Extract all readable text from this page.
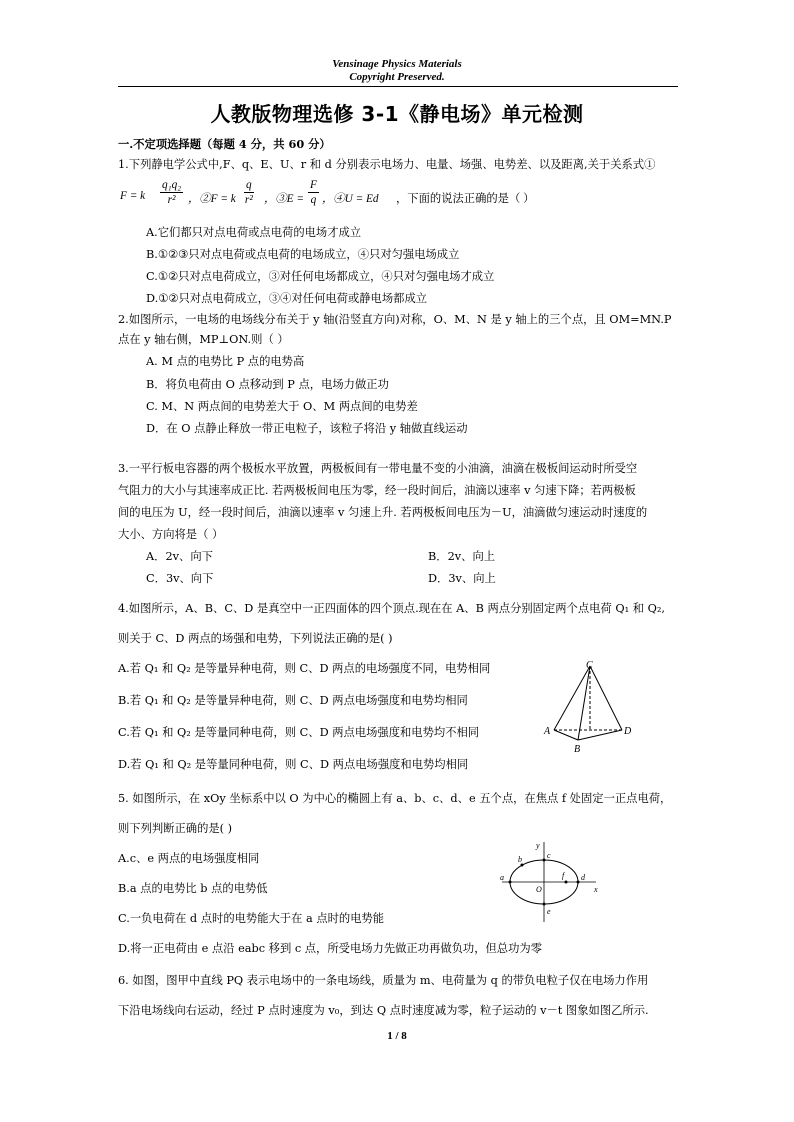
Vensinage Physics Materials
Copyright Preserved.
人教版物理选修 3-1《静电场》单元检测
一.不定项选择题（每题 4 分，共 60 分）
1.下列静电学公式中,F、q、E、U、r 和 d 分别表示电场力、电量、场强、电势差、以及距离,关于关系式①
F = k $\frac{\text{q₁q₂}}{\text{r²}}$ ，②F = k $\frac{q}{\text{r²}}$ ，③E = $\frac{F}{q}$ ，④U = Ed ，下面的说法正确的是（ ）
A.它们都只对点电荷或点电荷的电场才成立
B.①②③只对点电荷或点电荷的电场成立，④只对匀强电场成立
C.①②只对点电荷成立，③对任何电场都成立，④只对匀强电场才成立
D.①②只对点电荷成立，③④对任何电荷或静电场都成立
2.如图所示，一电场的电场线分布关于 y 轴(沿竖直方向)对称，O、M、N 是 y 轴上的三个点，且 OM=MN.P
点在 y 轴右侧，MP⊥ON.则（ ）
A. M 点的电势比 P 点的电势高
B．将负电荷由 O 点移动到 P 点，电场力做正功
C. M、N 两点间的电势差大于 O、M 两点间的电势差
D．在 O 点静止释放一带正电粒子，该粒子将沿 y 轴做直线运动
3.一平行板电容器的两个极板水平放置，两极板间有一带电量不变的小油滴，油滴在极板间运动时所受空
气阻力的大小与其速率成正比. 若两极板间电压为零，经一段时间后，油滴以速率 v 匀速下降；若两极板
间的电压为 U，经一段时间后，油滴以速率 v 匀速上升. 若两极板间电压为－U，油滴做匀速运动时速度的
大小、方向将是（ ）
A．2v、向下	B．2v、向上
C．3v、向下	D．3v、向上
4.如图所示，A、B、C、D 是真空中一正四面体的四个顶点.现在在 A、B 两点分别固定两个点电荷 Q₁ 和 Q₂,
则关于 C、D 两点的场强和电势，下列说法正确的是( )
A.若 Q₁ 和 Q₂ 是等量异种电荷，则 C、D 两点的电场强度不同，电势相同
B.若 Q₁ 和 Q₂ 是等量异种电荷，则 C、D 两点电场强度和电势均相同
C.若 Q₁ 和 Q₂ 是等量同种电荷，则 C、D 两点电场强度和电势均不相同
D.若 Q₁ 和 Q₂ 是等量同种电荷，则 C、D 两点电场强度和电势均相同
C
A
B
D
5. 如图所示，在 xOy 坐标系中以 O 为中心的椭圆上有 a、b、c、d、e 五个点，在焦点 f 处固定一正点电荷，
则下列判断正确的是( )
A.c、e 两点的电场强度相同
B.a 点的电势比 b 点的电势低
C.一负电荷在 d 点时的电势能大于在 a 点时的电势能
D.将一正电荷由 e 点沿 eabc 移到 c 点，所受电场力先做正功再做负功，但总功为零
y
x
O
a
b	c
d
e
f
6. 如图，图甲中直线 PQ 表示电场中的一条电场线，质量为 m、电荷量为 q 的带负电粒子仅在电场力作用
下沿电场线向右运动，经过 P 点时速度为 v₀，到达 Q 点时速度减为零，粒子运动的 v－t 图象如图乙所示.
1 / 8
